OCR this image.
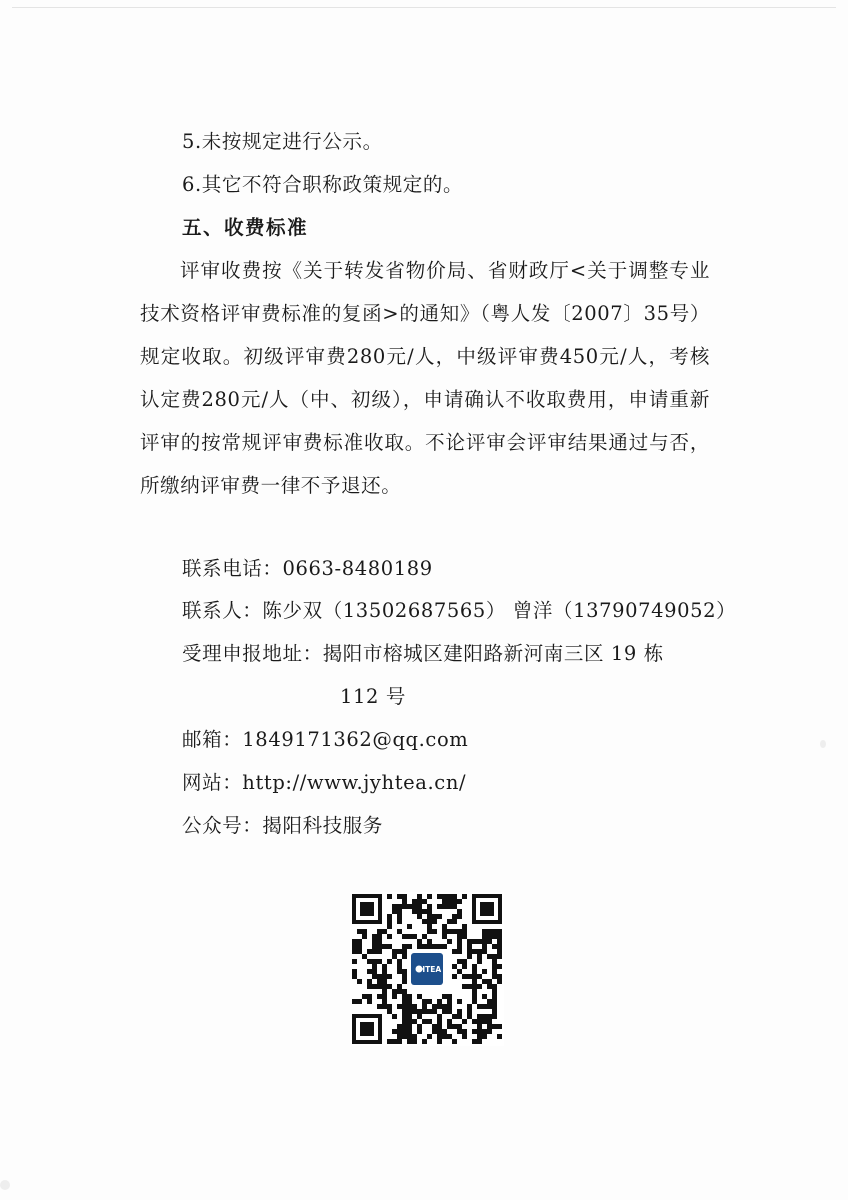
5.未按规定进行公示。
6.其它不符合职称政策规定的。
五、收费标准
评审收费按《关于转发省物价局、省财政厅<关于调整专业技术资格评审费标准的复函>的通知》（粤人发〔2007〕35号）规定收取。初级评审费280元/人，中级评审费450元/人，考核认定费280元/人（中、初级），申请确认不收取费用，申请重新评审的按常规评审费标准收取。不论评审会评审结果通过与否，所缴纳评审费一律不予退还。
联系电话：0663-8480189
联系人：陈少双（13502687565） 曾洋（13790749052）
受理申报地址：揭阳市榕城区建阳路新河南三区 19 栋
112 号
邮箱：1849171362@qq.com
网站：http://www.jyhtea.cn/
公众号：揭阳科技服务
HTEA
